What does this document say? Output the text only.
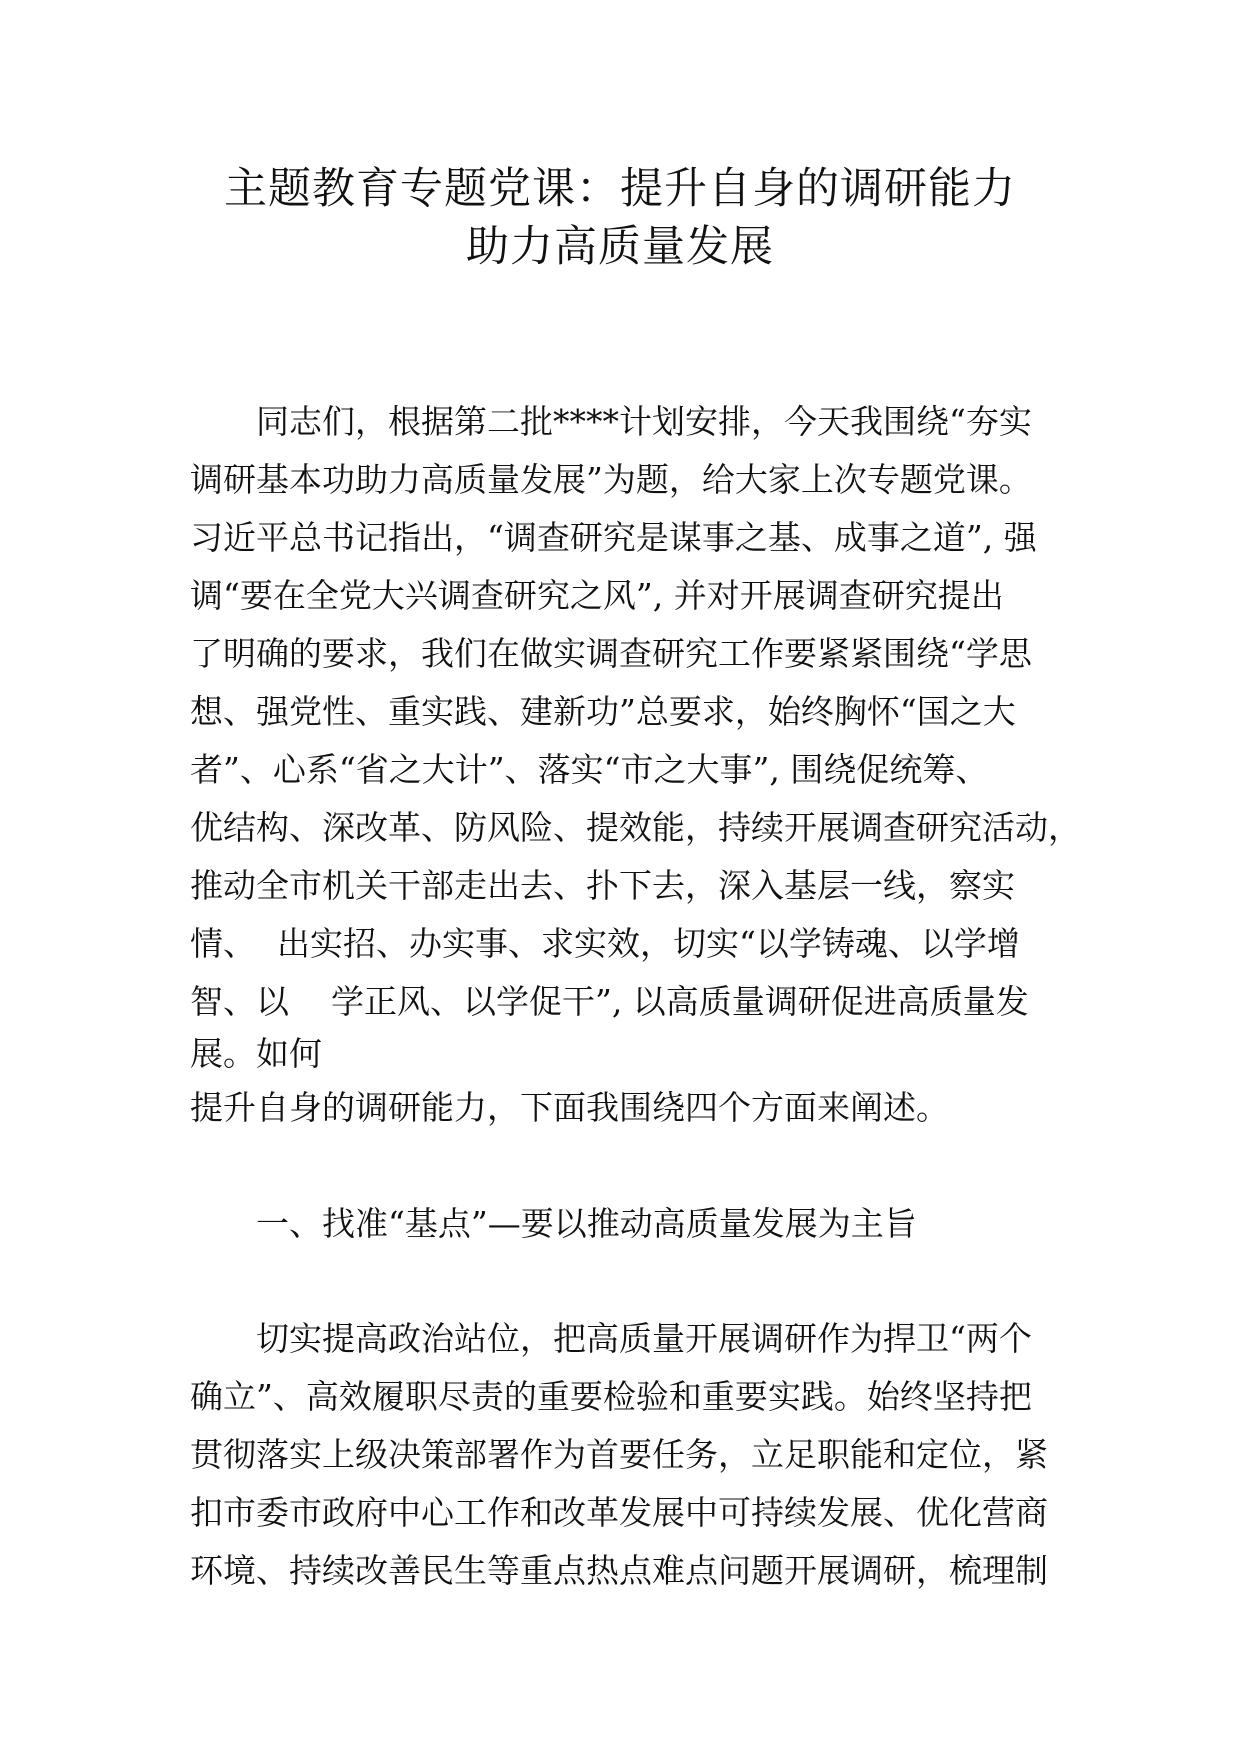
主题教育专题党课：提升自身的调研能力
助力高质量发展

同志们，根据第二批****计划安排，今天我围绕“夯实

调研基本功助力高质量发展”为题，给大家上次专题党课。

习近平总书记指出，“调查研究是谋事之基、成事之道”, 强

调“要在全党大兴调查研究之风”, 并对开展调查研究提出

了明确的要求，我们在做实调查研究工作要紧紧围绕“学思

想、强党性、重实践、建新功”总要求，始终胸怀“国之大

者”、心系“省之大计”、落实“市之大事”, 围绕促统筹、

优结构、深改革、防风险、提效能，持续开展调查研究活动，

推动全市机关干部走出去、扑下去，深入基层一线，察实

情、  出实招、办实事、求实效，切实“以学铸魂、以学增

智、以    学正风、以学促干”, 以高质量调研促进高质量发

展。如何

提升自身的调研能力，下面我围绕四个方面来阐述。

一、找准“基点”—要以推动高质量发展为主旨

切实提高政治站位，把高质量开展调研作为捍卫“两个

确立”、高效履职尽责的重要检验和重要实践。始终坚持把

贯彻落实上级决策部署作为首要任务，立足职能和定位，紧

扣市委市政府中心工作和改革发展中可持续发展、优化营商

环境、持续改善民生等重点热点难点问题开展调研，梳理制
